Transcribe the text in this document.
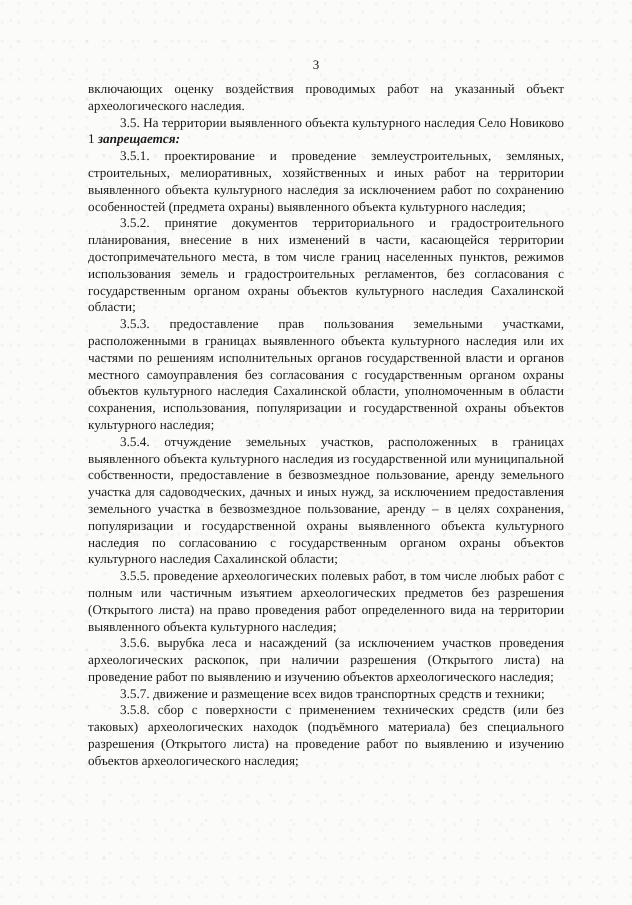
3

включающих оценку воздействия проводимых работ на указанный объект археологического наследия.

3.5. На территории выявленного объекта культурного наследия Село Новиково 1 запрещается:

3.5.1. проектирование и проведение землеустроительных, земляных, строительных, мелиоративных, хозяйственных и иных работ на территории выявленного объекта культурного наследия за исключением работ по сохранению особенностей (предмета охраны) выявленного объекта культурного наследия;

3.5.2. принятие документов территориального и градостроительного планирования, внесение в них изменений в части, касающейся территории достопримечательного места, в том числе границ населенных пунктов, режимов использования земель и градостроительных регламентов, без согласования с государственным органом охраны объектов культурного наследия Сахалинской области;

3.5.3. предоставление прав пользования земельными участками, расположенными в границах выявленного объекта культурного наследия или их частями по решениям исполнительных органов государственной власти и органов местного самоуправления без согласования с государственным органом охраны объектов культурного наследия Сахалинской области, уполномоченным в области сохранения, использования, популяризации и государственной охраны объектов культурного наследия;

3.5.4. отчуждение земельных участков, расположенных в границах выявленного объекта культурного наследия из государственной или муниципальной собственности, предоставление в безвозмездное пользование, аренду земельного участка для садоводческих, дачных и иных нужд, за исключением предоставления земельного участка в безвозмездное пользование, аренду – в целях сохранения, популяризации и государственной охраны выявленного объекта культурного наследия по согласованию с государственным органом охраны объектов культурного наследия Сахалинской области;

3.5.5. проведение археологических полевых работ, в том числе любых работ с полным или частичным изъятием археологических предметов без разрешения (Открытого листа) на право проведения работ определенного вида на территории выявленного объекта культурного наследия;

3.5.6. вырубка леса и насаждений (за исключением участков проведения археологических раскопок, при наличии разрешения (Открытого листа) на проведение работ по выявлению и изучению объектов археологического наследия;

3.5.7. движение и размещение всех видов транспортных средств и техники;

3.5.8. сбор с поверхности с применением технических средств (или без таковых) археологических находок (подъёмного материала) без специального разрешения (Открытого листа) на проведение работ по выявлению и изучению объектов археологического наследия;
